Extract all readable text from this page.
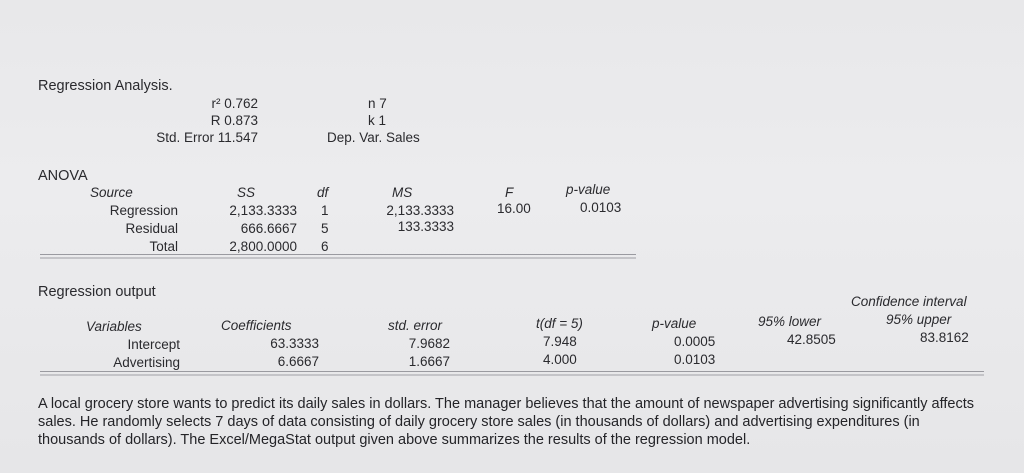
Regression Analysis.
r² 0.762
R 0.873
Std. Error 11.547
n 7
k 1
Dep. Var. Sales
ANOVA
Source	SS	df	MS	F	p-value
Regression	2,133.3333 1	2,133.3333	16.00	0.0103
Residual	666.6667 5	133.3333
Total	2,800.0000 6
Regression output
Confidence interval
Variables	Coefficients	std. error	t(df = 5)	p-value	95% lower	95% upper
Intercept	63.3333	7.9682	7.948	0.0005	42.8505	83.8162
Advertising	6.6667	1.6667	4.000	0.0103
A local grocery store wants to predict its daily sales in dollars. The manager believes that the amount of newspaper advertising significantly affects sales. He randomly selects 7 days of data consisting of daily grocery store sales (in thousands of dollars) and advertising expenditures (in thousands of dollars). The Excel/MegaStat output given above summarizes the results of the regression model.
